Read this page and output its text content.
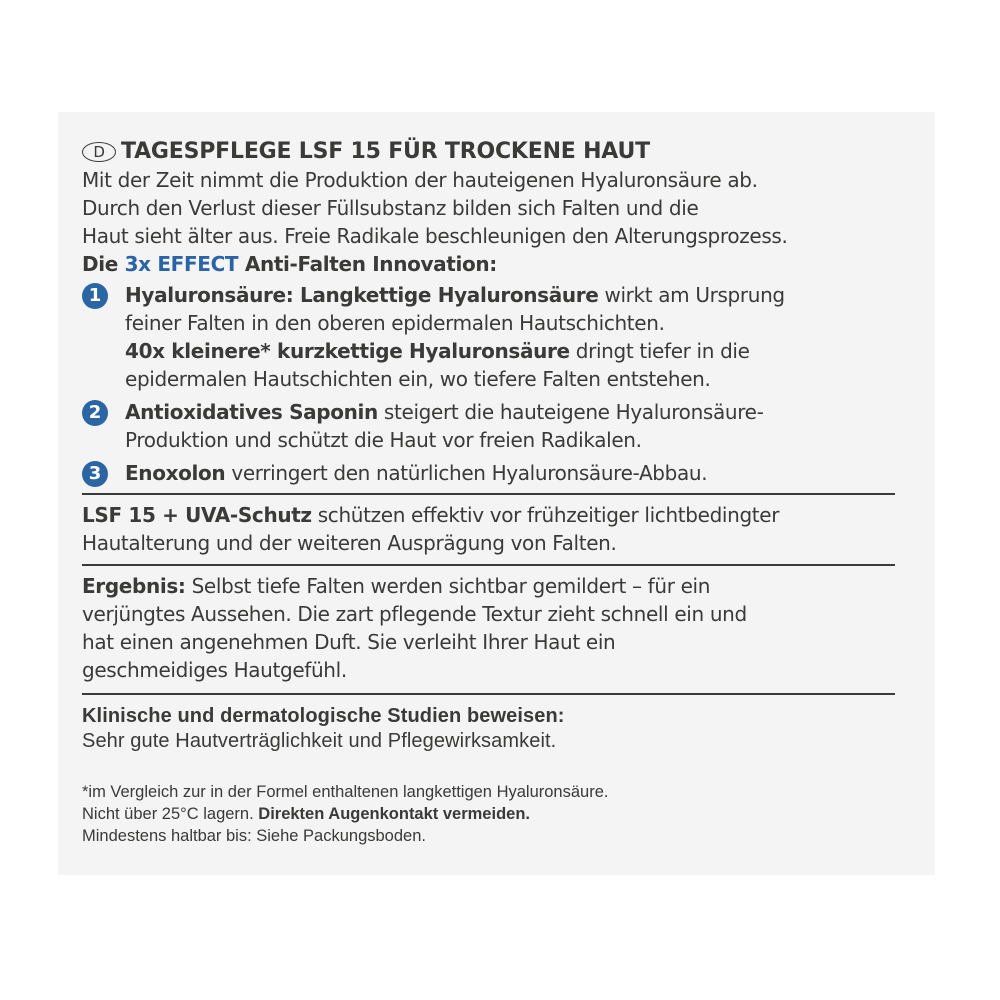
D TAGESPFLEGE LSF 15 FÜR TROCKENE HAUT
Mit der Zeit nimmt die Produktion der hauteigenen Hyaluronsäure ab.
Durch den Verlust dieser Füllsubstanz bilden sich Falten und die
Haut sieht älter aus. Freie Radikale beschleunigen den Alterungsprozess.
Die 3x EFFECT Anti-Falten Innovation:
1	Hyaluronsäure: Langkettige Hyaluronsäure wirkt am Ursprung
feiner Falten in den oberen epidermalen Hautschichten.
40x kleinere* kurzkettige Hyaluronsäure dringt tiefer in die
epidermalen Hautschichten ein, wo tiefere Falten entstehen.
2	Antioxidatives Saponin steigert die hauteigene Hyaluronsäure-
Produktion und schützt die Haut vor freien Radikalen.
3	Enoxolon verringert den natürlichen Hyaluronsäure-Abbau.
LSF 15 + UVA-Schutz schützen effektiv vor frühzeitiger lichtbedingter
Hautalterung und der weiteren Ausprägung von Falten.
Ergebnis: Selbst tiefe Falten werden sichtbar gemildert – für ein
verjüngtes Aussehen. Die zart pflegende Textur zieht schnell ein und
hat einen angenehmen Duft. Sie verleiht Ihrer Haut ein
geschmeidiges Hautgefühl.
Klinische und dermatologische Studien beweisen:
Sehr gute Hautverträglichkeit und Pflegewirksamkeit.
*im Vergleich zur in der Formel enthaltenen langkettigen Hyaluronsäure.
Nicht über 25°C lagern. Direkten Augenkontakt vermeiden.
Mindestens haltbar bis: Siehe Packungsboden.
